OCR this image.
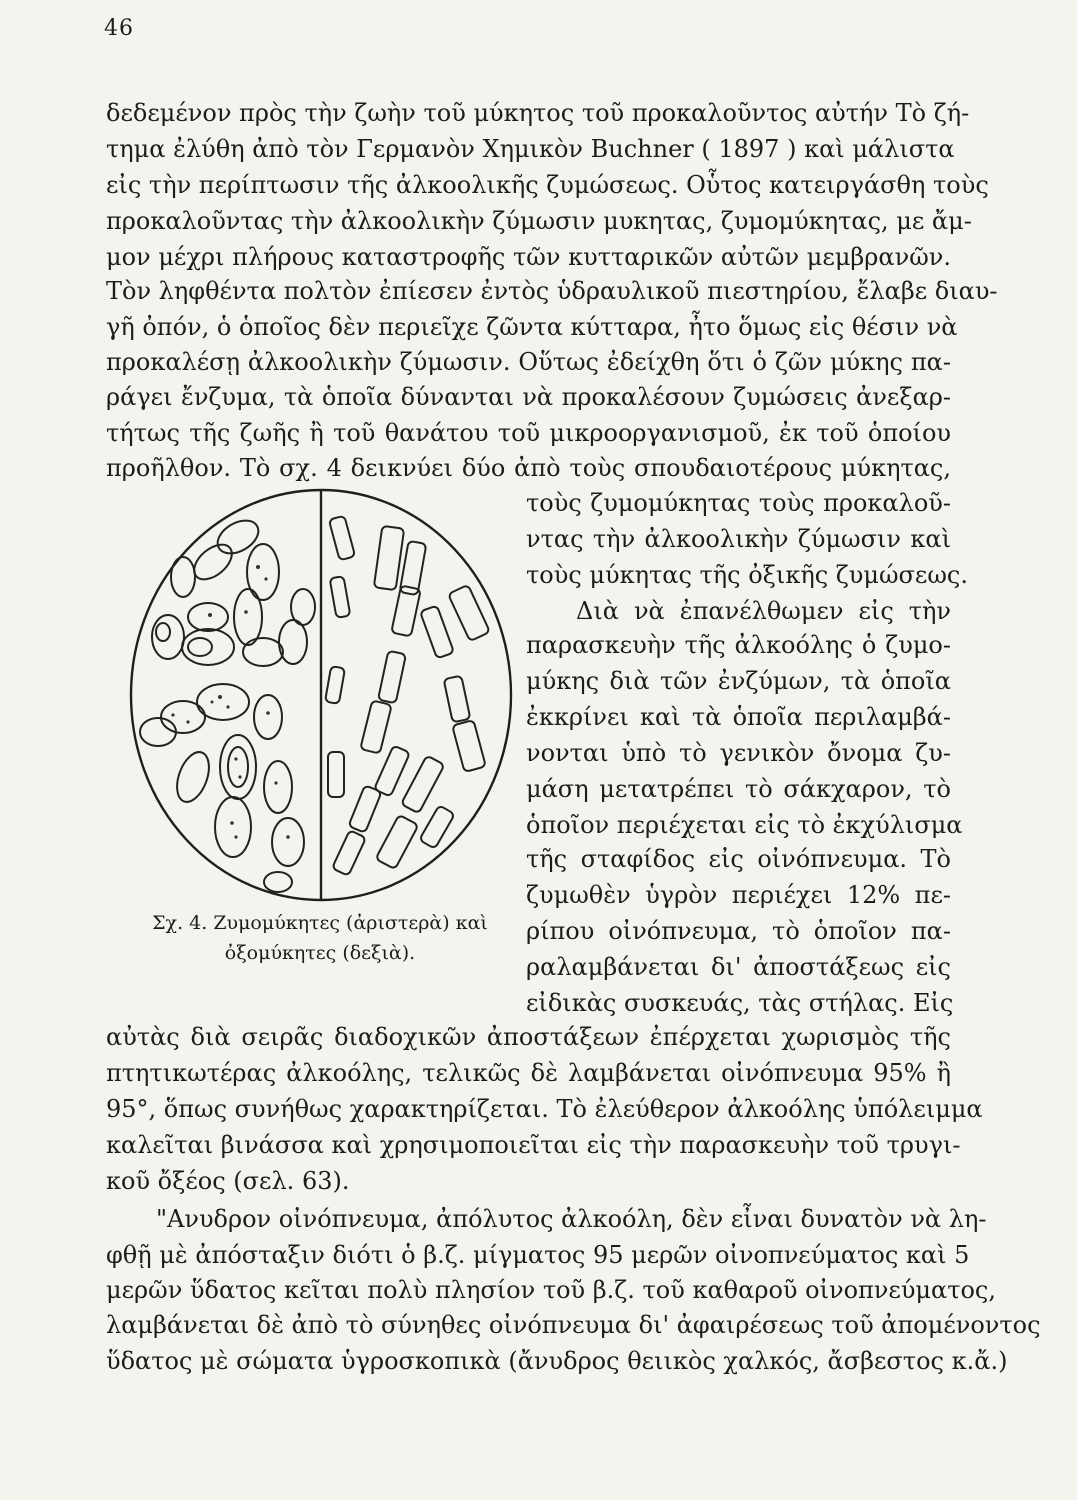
46
δεδεμένον πρὸς τὴν ζωὴν τοῦ μύκητος τοῦ προκαλοῦντος αὐτήν Τὸ ζή-
τημα ἐλύθη ἀπὸ τὸν Γερμανὸν Χημικὸν Buchner ( 1897 ) καὶ μάλιστα
εἰς τὴν περίπτωσιν τῆς ἀλκοολικῆς ζυμώσεως. Οὗτος κατειργάσθη τοὺς
προκαλοῦντας τὴν ἀλκοολικὴν ζύμωσιν μυκητας, ζυμομύκητας, με ἄμ-
μον μέχρι πλήρους καταστροφῆς τῶν κυτταρικῶν αὐτῶν μεμβρανῶν.
Τὸν ληφθέντα πολτὸν ἐπίεσεν ἐντὸς ὑδραυλικοῦ πιεστηρίου, ἔλαβε διαυ-
γῆ ὀπόν, ὁ ὁποῖος δὲν περιεῖχε ζῶντα κύτταρα, ἦτο ὅμως εἰς θέσιν νὰ
προκαλέσῃ ἀλκοολικὴν ζύμωσιν. Οὕτως ἐδείχθη ὅτι ὁ ζῶν μύκης πα-
ράγει ἔνζυμα, τὰ ὁποῖα δύνανται νὰ προκαλέσουν ζυμώσεις ἀνεξαρ-
τήτως τῆς ζωῆς ἢ τοῦ θανάτου τοῦ μικροοργανισμοῦ, ἐκ τοῦ ὁποίου
προῆλθον. Τὸ σχ. 4 δεικνύει δύο ἀπὸ τοὺς σπουδαιοτέρους μύκητας,
Σχ. 4. Ζυμομύκητες (ἀριστερὰ) καὶ
ὀξομύκητες (δεξιὰ).
τοὺς ζυμομύκητας τοὺς προκαλοῦ-
ντας τὴν ἀλκοολικὴν ζύμωσιν καὶ
τοὺς μύκητας τῆς ὀξικῆς ζυμώσεως.
Διὰ νὰ ἐπανέλθωμεν εἰς τὴν
παρασκευὴν τῆς ἀλκοόλης ὁ ζυμο-
μύκης διὰ τῶν ἐνζύμων, τὰ ὁποῖα
ἐκκρίνει καὶ τὰ ὁποῖα περιλαμβά-
νονται ὑπὸ τὸ γενικὸν ὄνομα ζυ-
μάση μετατρέπει τὸ σάκχαρον, τὸ
ὁποῖον περιέχεται εἰς τὸ ἐκχύλισμα
τῆς σταφίδος εἰς οἰνόπνευμα. Τὸ
ζυμωθὲν ὑγρὸν περιέχει 12% πε-
ρίπου οἰνόπνευμα, τὸ ὁποῖον πα-
ραλαμβάνεται δι' ἀποστάξεως εἰς
εἰδικὰς συσκευάς, τὰς στήλας. Εἰς
αὐτὰς διὰ σειρᾶς διαδοχικῶν ἀποστάξεων ἐπέρχεται χωρισμὸς τῆς
πτητικωτέρας ἀλκοόλης, τελικῶς δὲ λαμβάνεται οἰνόπνευμα 95% ἢ
95°, ὅπως συνήθως χαρακτηρίζεται. Τὸ ἐλεύθερον ἀλκοόλης ὑπόλειμμα
καλεῖται βινάσσα καὶ χρησιμοποιεῖται εἰς τὴν παρασκευὴν τοῦ τρυγι-
κοῦ ὄξέος (σελ. 63).
"Ανυδρον οἰνόπνευμα, ἀπόλυτος ἀλκοόλη, δὲν εἶναι δυνατὸν νὰ λη-
φθῇ μὲ ἀπόσταξιν διότι ὁ β.ζ. μίγματος 95 μερῶν οἰνοπνεύματος καὶ 5
μερῶν ὕδατος κεῖται πολὺ πλησίον τοῦ β.ζ. τοῦ καθαροῦ οἰνοπνεύματος,
λαμβάνεται δὲ ἀπὸ τὸ σύνηθες οἰνόπνευμα δι' ἀφαιρέσεως τοῦ ἀπομένοντος
ὕδατος μὲ σώματα ὑγροσκοπικὰ (ἄνυδρος θειικὸς χαλκός, ἄσβεστος κ.ἄ.)
